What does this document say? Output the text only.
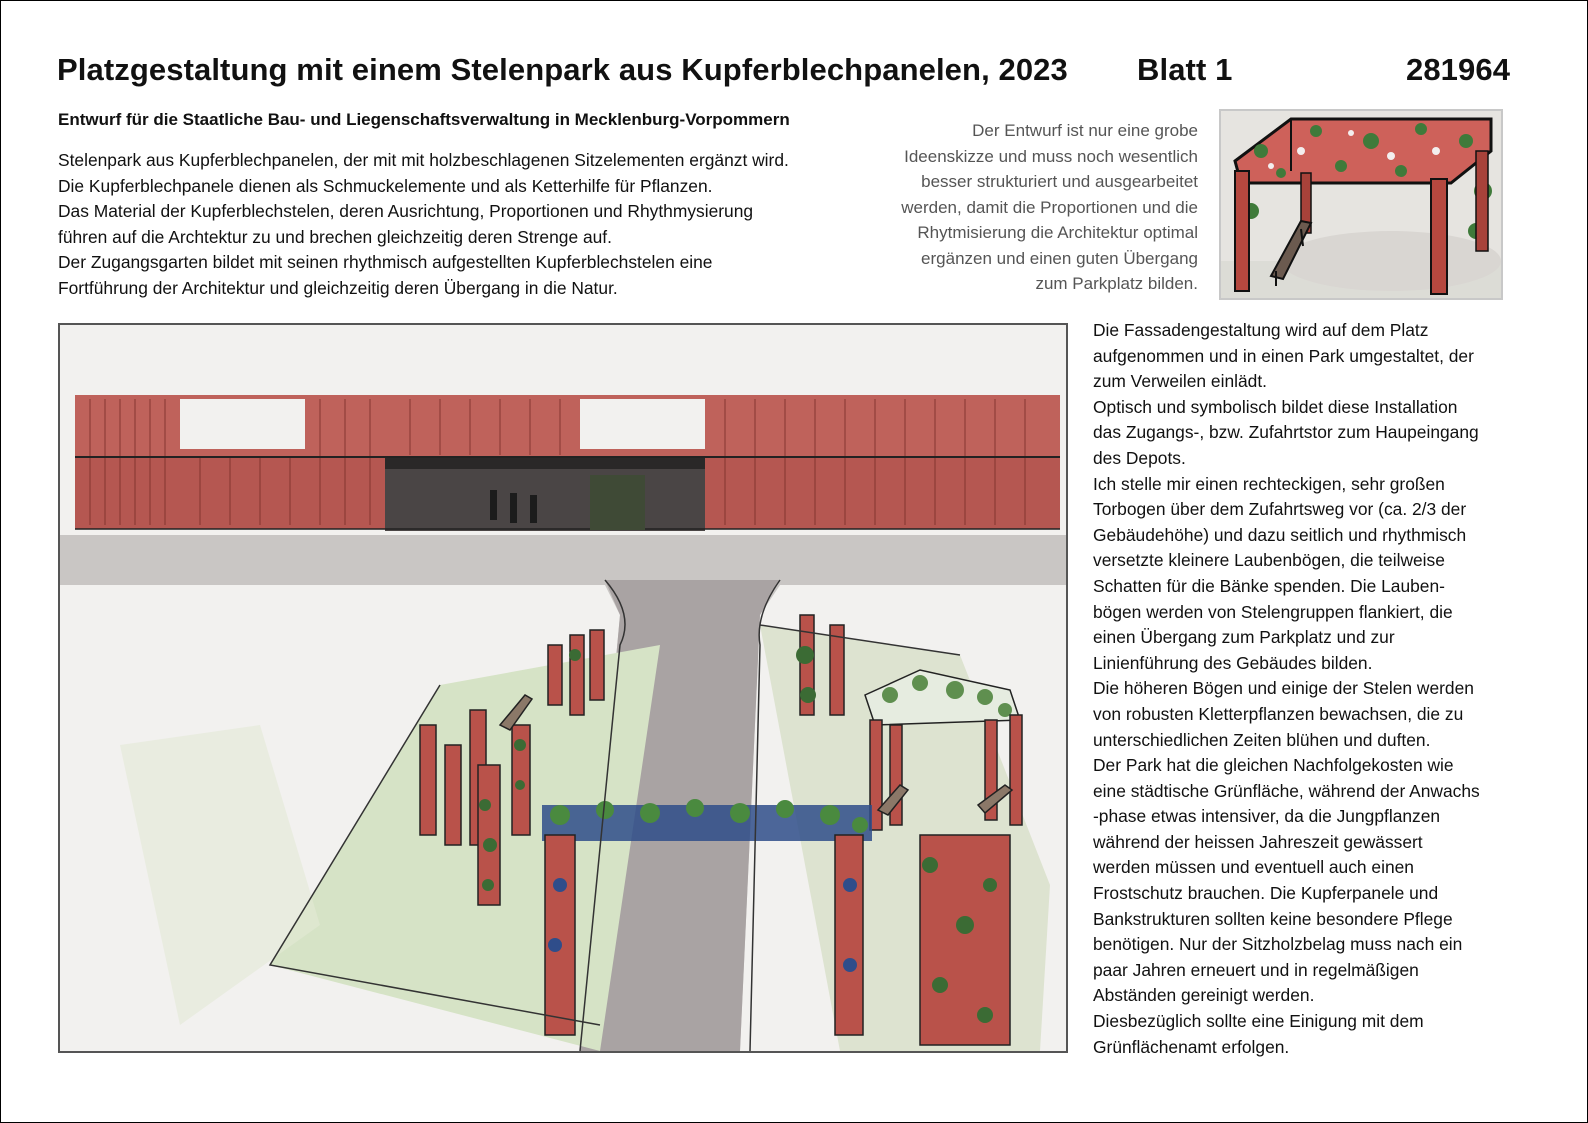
Platzgestaltung mit einem Stelenpark aus Kupferblechpanelen, 2023 Blatt 1	281964
Entwurf für die Staatliche Bau- und Liegenschaftsverwaltung in Mecklenburg-Vorpommern
Stelenpark aus Kupferblechpanelen, der mit mit holzbeschlagenen Sitzelementen ergänzt wird.
Die Kupferblechpanele dienen als Schmuckelemente und als Ketterhilfe für Pflanzen.
Das Material der Kupferblechstelen, deren Ausrichtung, Proportionen und Rhythmysierung
führen auf die Archtektur zu und brechen gleichzeitig deren Strenge auf.
Der Zugangsgarten bildet mit seinen rhythmisch aufgestellten Kupferblechstelen eine
Fortführung der Architektur und gleichzeitig deren Übergang in die Natur.
Der Entwurf ist nur eine grobe
Ideenskizze und muss noch wesentlich
besser strukturiert und ausgearbeitet
werden, damit die Proportionen und die
Rhytmisierung die Architektur optimal
ergänzen und einen guten Übergang
zum Parkplatz bilden.
Die Fassadengestaltung wird auf dem Platz
aufgenommen und in einen Park umgestaltet, der
zum Verweilen einlädt.
Optisch und symbolisch bildet diese Installation
das Zugangs-, bzw. Zufahrtstor zum Haupeingang
des Depots.
Ich stelle mir einen rechteckigen, sehr großen
Torbogen über dem Zufahrtsweg vor (ca. 2/3 der
Gebäudehöhe) und dazu seitlich und rhythmisch
versetzte kleinere Laubenbögen, die teilweise
Schatten für die Bänke spenden. Die Lauben-
bögen werden von Stelengruppen flankiert, die
einen Übergang zum Parkplatz und zur
Linienführung des Gebäudes bilden.
Die höheren Bögen und einige der Stelen werden
von robusten Kletterpflanzen bewachsen, die zu
unterschiedlichen Zeiten blühen und duften.
Der Park hat die gleichen Nachfolgekosten wie
eine städtische Grünfläche, während der Anwachs
-phase etwas intensiver, da die Jungpflanzen
während der heissen Jahreszeit gewässert
werden müssen und eventuell auch einen
Frostschutz brauchen. Die Kupferpanele und
Bankstrukturen sollten keine besondere Pflege
benötigen. Nur der Sitzholzbelag muss nach ein
paar Jahren erneuert und in regelmäßigen
Abständen gereinigt werden.
Diesbezüglich sollte eine Einigung mit dem
Grünflächenamt erfolgen.
